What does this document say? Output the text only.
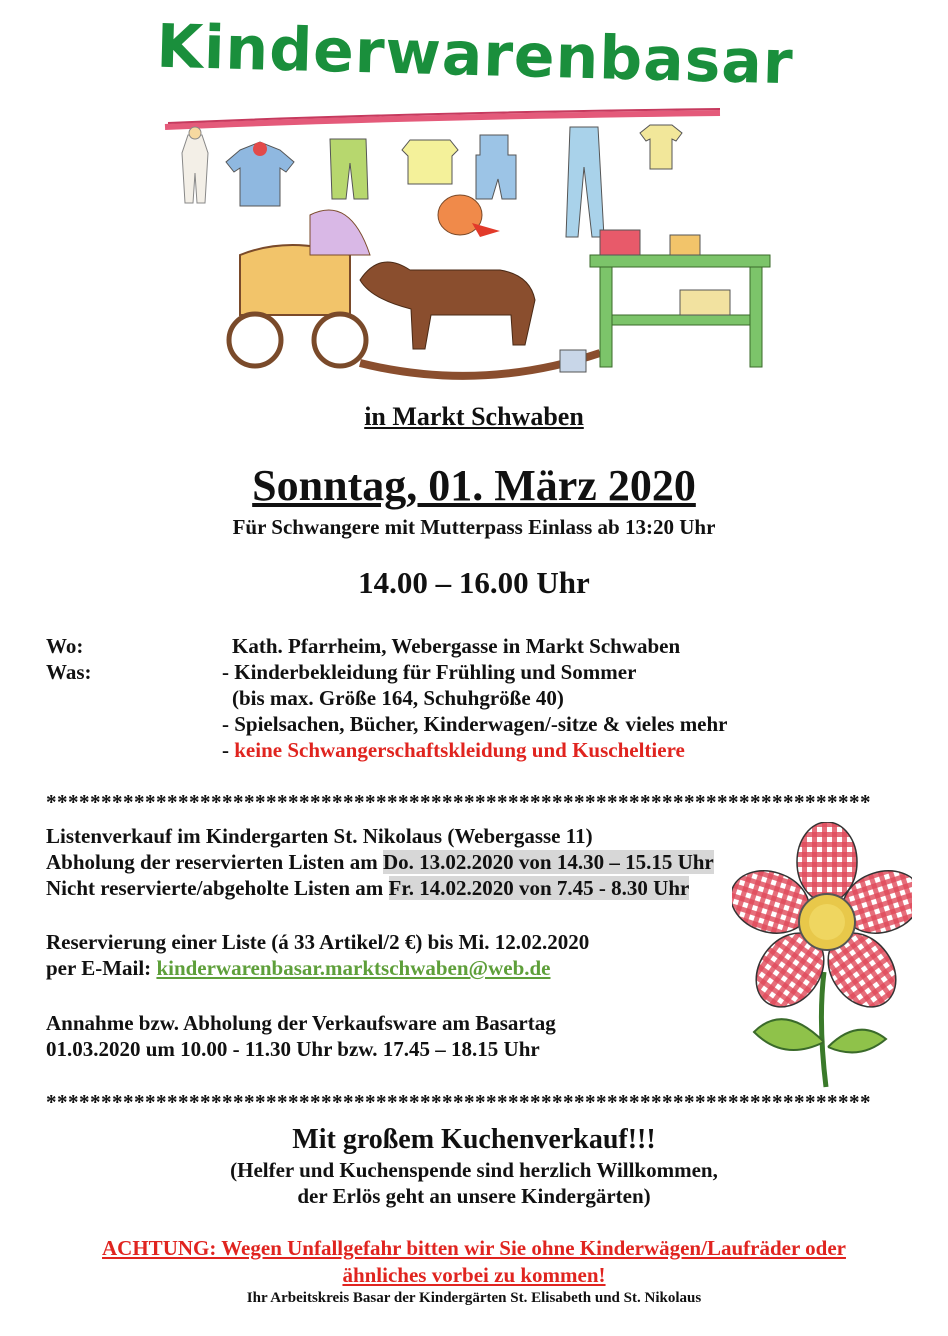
Kinderwarenbasar
in Markt Schwaben
Sonntag, 01. März 2020
Für Schwangere mit Mutterpass Einlass ab 13:20 Uhr
14.00 – 16.00 Uhr
Wo:	Kath. Pfarrheim, Webergasse in Markt Schwaben
Was:	- Kinderbekleidung für Frühling und Sommer
(bis max. Größe 164, Schuhgröße 40)
- Spielsachen, Bücher, Kinderwagen/-sitze & vieles mehr
- keine Schwangerschaftskleidung und Kuscheltiere
***************************************************************************
Listenverkauf im Kindergarten St. Nikolaus (Webergasse 11)
Abholung der reservierten Listen am Do. 13.02.2020 von 14.30 – 15.15 Uhr
Nicht reservierte/abgeholte Listen am Fr. 14.02.2020 von 7.45 - 8.30 Uhr
Reservierung einer Liste (á 33 Artikel/2 €) bis Mi. 12.02.2020
per E-Mail: kinderwarenbasar.marktschwaben@web.de
Annahme bzw. Abholung der Verkaufsware am Basartag
01.03.2020 um 10.00 - 11.30 Uhr bzw. 17.45 – 18.15 Uhr
***************************************************************************
Mit großem Kuchenverkauf!!!
(Helfer und Kuchenspende sind herzlich Willkommen,
der Erlös geht an unsere Kindergärten)
ACHTUNG: Wegen Unfallgefahr bitten wir Sie ohne Kinderwägen/Laufräder oder
ähnliches vorbei zu kommen!
Ihr Arbeitskreis Basar der Kindergärten St. Elisabeth und St. Nikolaus
